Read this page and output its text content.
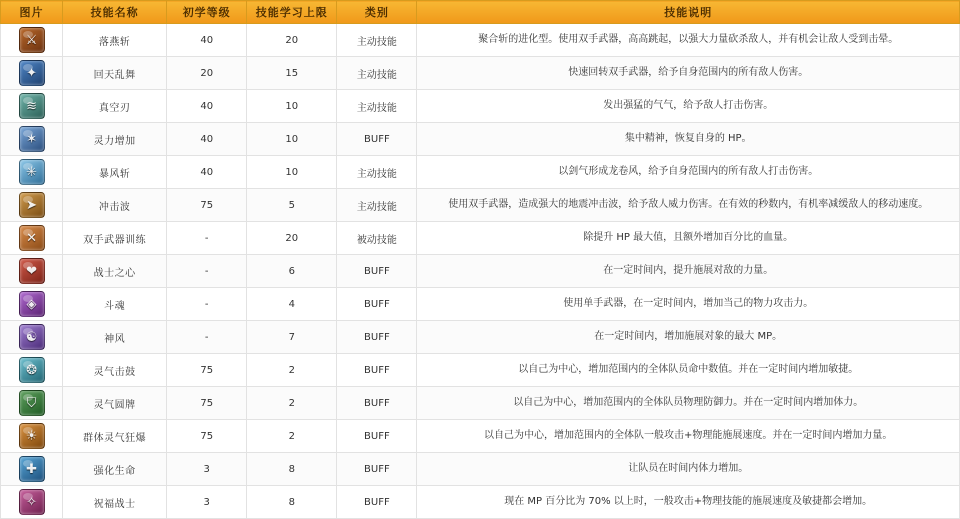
图片	技能名称	初学等级	技能学习上限	类别	技能说明

⚔	落燕斩	40	20	主动技能	聚合斩的进化型。使用双手武器，高高跳起，以强大力量砍杀敌人，并有机会让敌人受到击晕。

✦	回天乱舞	20	15	主动技能	快速回转双手武器，给予自身范围内的所有敌人伤害。

≋	真空刃	40	10	主动技能	发出强猛的气气，给予敌人打击伤害。

✶	灵力增加	40	10	BUFF	集中精神，恢复自身的 HP。

✳	暴风斩	40	10	主动技能	以剑气形成龙卷风，给予自身范围内的所有敌人打击伤害。

➤	冲击波	75	5	主动技能	使用双手武器，造成强大的地震冲击波，给予敌人威力伤害。在有效的秒数内，有机率减缓敌人的移动速度。

✕	双手武器训练	-	20	被动技能	除提升 HP 最大值，且额外增加百分比的血量。

❤	战士之心	-	6	BUFF	在一定时间内，提升施展对敌的力量。

◈	斗魂	-	4	BUFF	使用单手武器，在一定时间内，增加当己的物力攻击力。

☯	神风	-	7	BUFF	在一定时间内，增加施展对象的最大 MP。

❂	灵气击鼓	75	2	BUFF	以自己为中心，增加范围内的全体队员命中数值。并在一定时间内增加敏捷。

⛉	灵气圆牌	75	2	BUFF	以自己为中心，增加范围内的全体队员物理防御力。并在一定时间内增加体力。

☀	群体灵气狂爆	75	2	BUFF	以自己为中心，增加范围内的全体队一般攻击+物理能施展速度。并在一定时间内增加力量。

✚	强化生命	3	8	BUFF	让队员在时间内体力增加。

✧	祝福战士	3	8	BUFF	现在 MP 百分比为 70% 以上时，一般攻击+物理技能的施展速度及敏捷都会增加。
